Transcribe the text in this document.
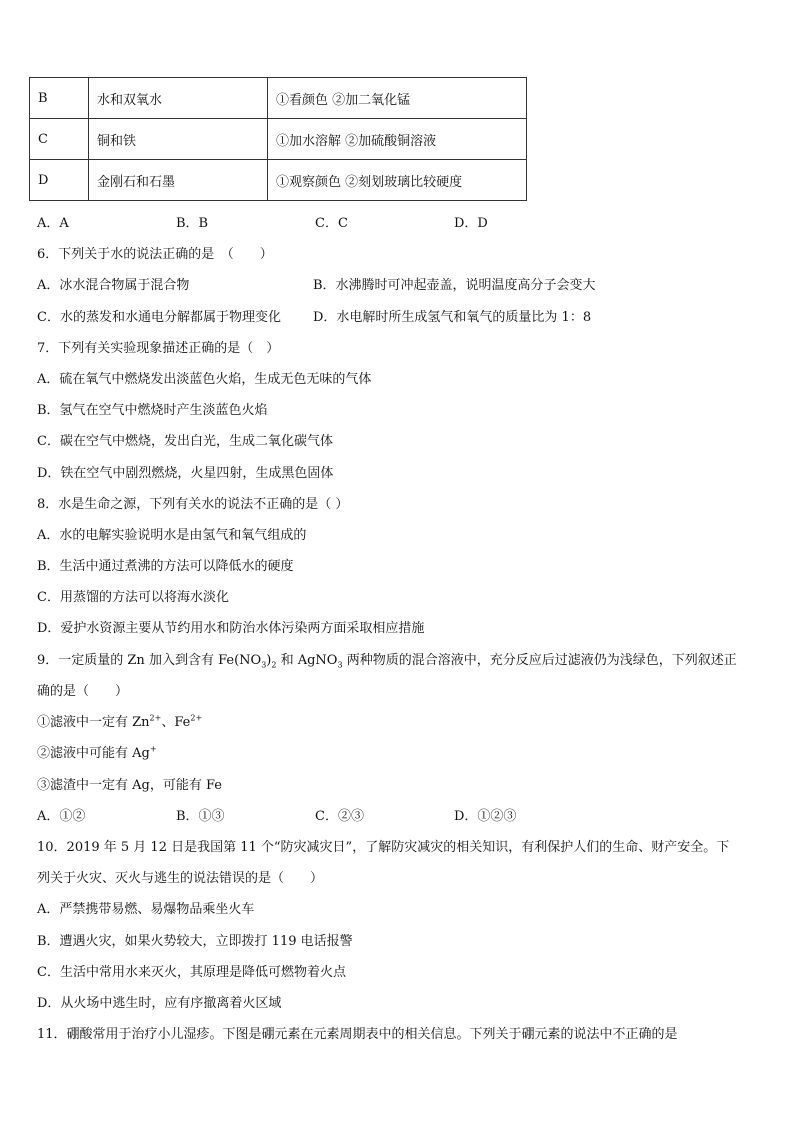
B	水和双氧水	①看颜色 ②加二氧化锰
C	铜和铁	①加水溶解 ②加硫酸铜溶液
D	金刚石和石墨	①观察颜色 ②刻划玻璃比较硬度
A．A	B．B	C．C	D．D
6．下列关于水的说法正确的是　（　　）
A．冰水混合物属于混合物	B．水沸腾时可冲起壶盖，说明温度高分子会变大
C．水的蒸发和水通电分解都属于物理变化 D．水电解时所生成氢气和氧气的质量比为 1：8
7．下列有关实验现象描述正确的是（　）
A．硫在氧气中燃烧发出淡蓝色火焰，生成无色无味的气体
B．氢气在空气中燃烧时产生淡蓝色火焰
C．碳在空气中燃烧，发出白光，生成二氧化碳气体
D．铁在空气中剧烈燃烧，火星四射，生成黑色固体
8．水是生命之源，下列有关水的说法不正确的是（ ）
A．水的电解实验说明水是由氢气和氧气组成的
B．生活中通过煮沸的方法可以降低水的硬度
C．用蒸馏的方法可以将海水淡化
D．爱护水资源主要从节约用水和防治水体污染两方面采取相应措施
9．一定质量的 Zn 加入到含有 $Fe(NO_3)_2$ 和 AgNO$_3$ 两种物质的混合溶液中，充分反应后过滤液仍为浅绿色，下列叙述正
确的是（　　）
①滤液中一定有 $Zn^{2+}$、$Fe^{2+}$
②滤液中可能有 Ag+
③滤渣中一定有 Ag，可能有 Fe
A．①②	B．①③	C．②③	D．①②③
10．2019 年 5 月 12 日是我国第 11 个“防灾减灾日”，了解防灾减灾的相关知识，有利保护人们的生命、财产安全。下
列关于火灾、灭火与逃生的说法错误的是（　　）
A．严禁携带易燃、易爆物品乘坐火车
B．遭遇火灾，如果火势较大，立即拨打 119 电话报警
C．生活中常用水来灭火，其原理是降低可燃物着火点
D．从火场中逃生时，应有序撤离着火区域
11．硼酸常用于治疗小儿湿疹。下图是硼元素在元素周期表中的相关信息。下列关于硼元素的说法中不正确的是
